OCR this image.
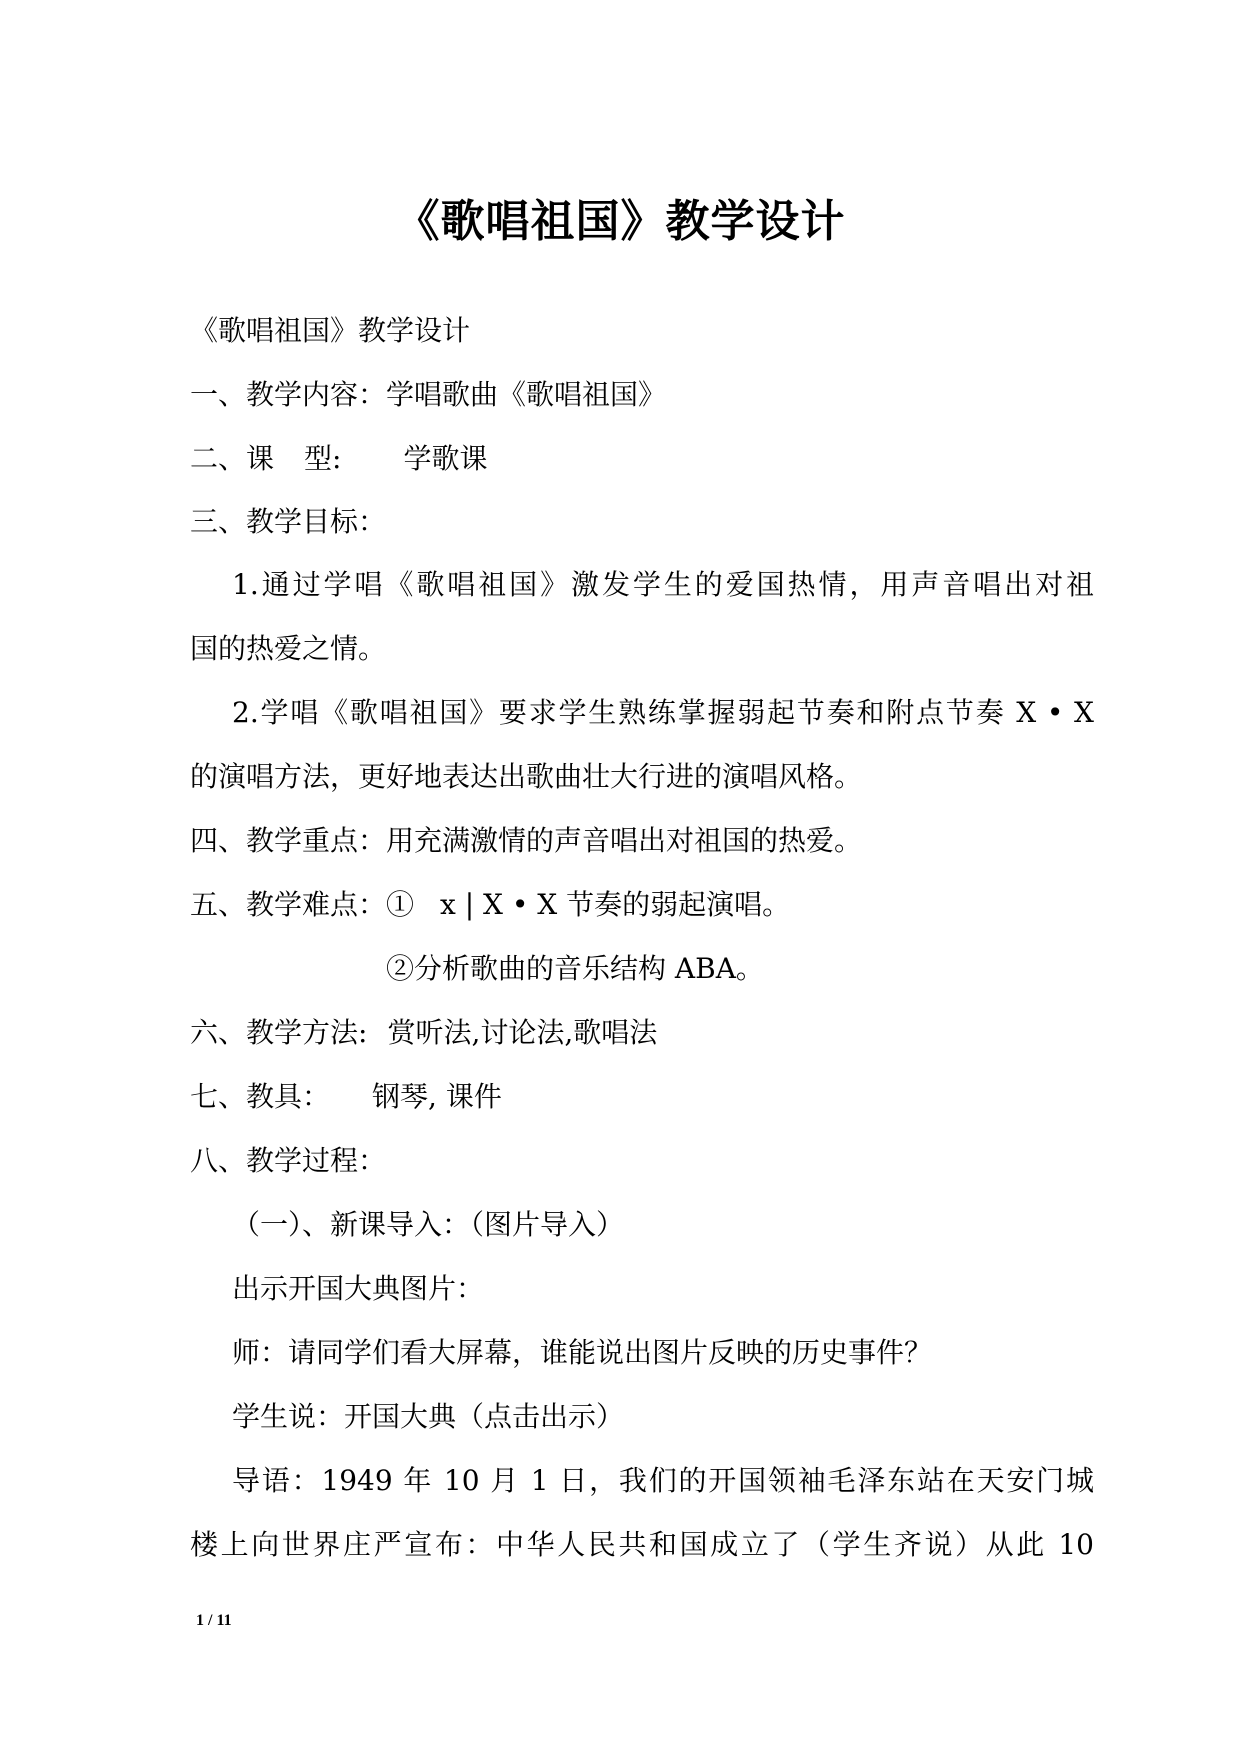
《歌唱祖国》教学设计
《歌唱祖国》教学设计
一、教学内容：学唱歌曲《歌唱祖国》
二、课 型: 学歌课
三、教学目标：
1.通过学唱《歌唱祖国》激发学生的爱国热情，用声音唱出对祖
国的热爱之情。
2.学唱《歌唱祖国》要求学生熟练掌握弱起节奏和附点节奏 X • X
的演唱方法，更好地表达出歌曲壮大行进的演唱风格。
四、教学重点：用充满激情的声音唱出对祖国的热爱。
五、教学难点：① x | X • X 节奏的弱起演唱。
②分析歌曲的音乐结构 ABA。
六、教学方法: 赏听法,讨论法,歌唱法
七、教具： 钢琴, 课件
八、教学过程：
（一）、新课导入：（图片导入）
出示开国大典图片：
师：请同学们看大屏幕，谁能说出图片反映的历史事件？
学生说：开国大典（点击出示）
导语：1949 年 10 月 1 日，我们的开国领袖毛泽东站在天安门城
楼上向世界庄严宣布：中华人民共和国成立了（学生齐说）从此 10
1 / 11
